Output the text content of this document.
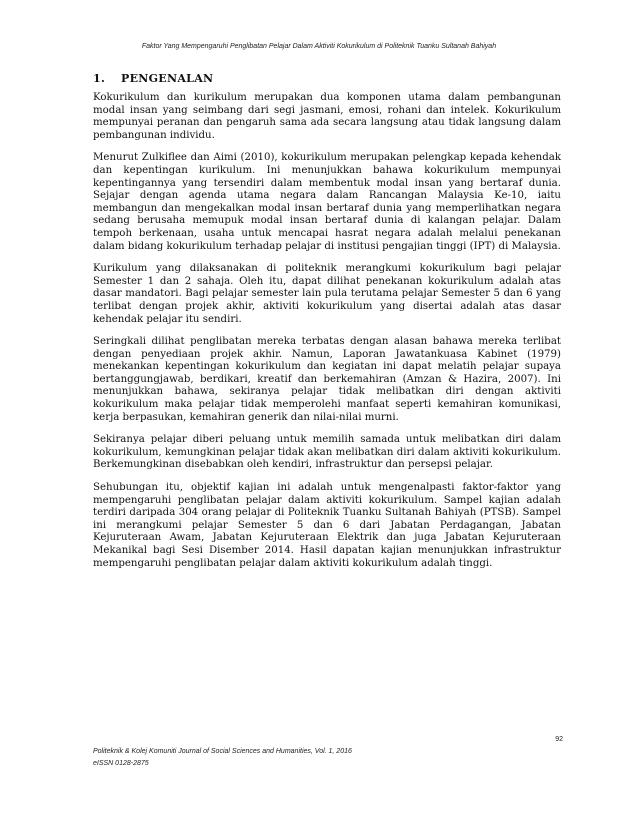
Faktor Yang Mempengaruhi Penglibatan Pelajar Dalam Aktiviti Kokurikulum di Politeknik Tuanku Sultanah Bahiyah
1. PENGENALAN

Kokurikulum dan kurikulum merupakan dua komponen utama dalam pembangunan modal insan yang seimbang dari segi jasmani, emosi, rohani dan intelek. Kokurikulum mempunyai peranan dan pengaruh sama ada secara langsung atau tidak langsung dalam pembangunan individu.

Menurut Zulkiflee dan Aimi (2010), kokurikulum merupakan pelengkap kepada kehendak dan kepentingan kurikulum. Ini menunjukkan bahawa kokurikulum mempunyai kepentingannya yang tersendiri dalam membentuk modal insan yang bertaraf dunia. Sejajar dengan agenda utama negara dalam Rancangan Malaysia Ke-10, iaitu membangun dan mengekalkan modal insan bertaraf dunia yang memperlihatkan negara sedang berusaha memupuk modal insan bertaraf dunia di kalangan pelajar. Dalam tempoh berkenaan, usaha untuk mencapai hasrat negara adalah melalui penekanan dalam bidang kokurikulum terhadap pelajar di institusi pengajian tinggi (IPT) di Malaysia.

Kurikulum yang dilaksanakan di politeknik merangkumi kokurikulum bagi pelajar Semester 1 dan 2 sahaja. Oleh itu, dapat dilihat penekanan kokurikulum adalah atas dasar mandatori. Bagi pelajar semester lain pula terutama pelajar Semester 5 dan 6 yang terlibat dengan projek akhir, aktiviti kokurikulum yang disertai adalah atas dasar kehendak pelajar itu sendiri.

Seringkali dilihat penglibatan mereka terbatas dengan alasan bahawa mereka terlibat dengan penyediaan projek akhir. Namun, Laporan Jawatankuasa Kabinet (1979) menekankan kepentingan kokurikulum dan kegiatan ini dapat melatih pelajar supaya bertanggungjawab, berdikari, kreatif dan berkemahiran (Amzan & Hazira, 2007). Ini menunjukkan bahawa, sekiranya pelajar tidak melibatkan diri dengan aktiviti kokurikulum maka pelajar tidak memperolehi manfaat seperti kemahiran komunikasi, kerja berpasukan, kemahiran generik dan nilai-nilai murni.

Sekiranya pelajar diberi peluang untuk memilih samada untuk melibatkan diri dalam kokurikulum, kemungkinan pelajar tidak akan melibatkan diri dalam aktiviti kokurikulum. Berkemungkinan disebabkan oleh kendiri, infrastruktur dan persepsi pelajar.

Sehubungan itu, objektif kajian ini adalah untuk mengenalpasti faktor-faktor yang mempengaruhi penglibatan pelajar dalam aktiviti kokurikulum. Sampel kajian adalah terdiri daripada 304 orang pelajar di Politeknik Tuanku Sultanah Bahiyah (PTSB). Sampel ini merangkumi pelajar Semester 5 dan 6 dari Jabatan Perdagangan, Jabatan Kejuruteraan Awam, Jabatan Kejuruteraan Elektrik dan juga Jabatan Kejuruteraan Mekanikal bagi Sesi Disember 2014. Hasil dapatan kajian menunjukkan infrastruktur mempengaruhi penglibatan pelajar dalam aktiviti kokurikulum adalah tinggi.

92
Politeknik & Kolej Komuniti Journal of Social Sciences and Humanities, Vol. 1, 2016
eISSN 0128-2875
